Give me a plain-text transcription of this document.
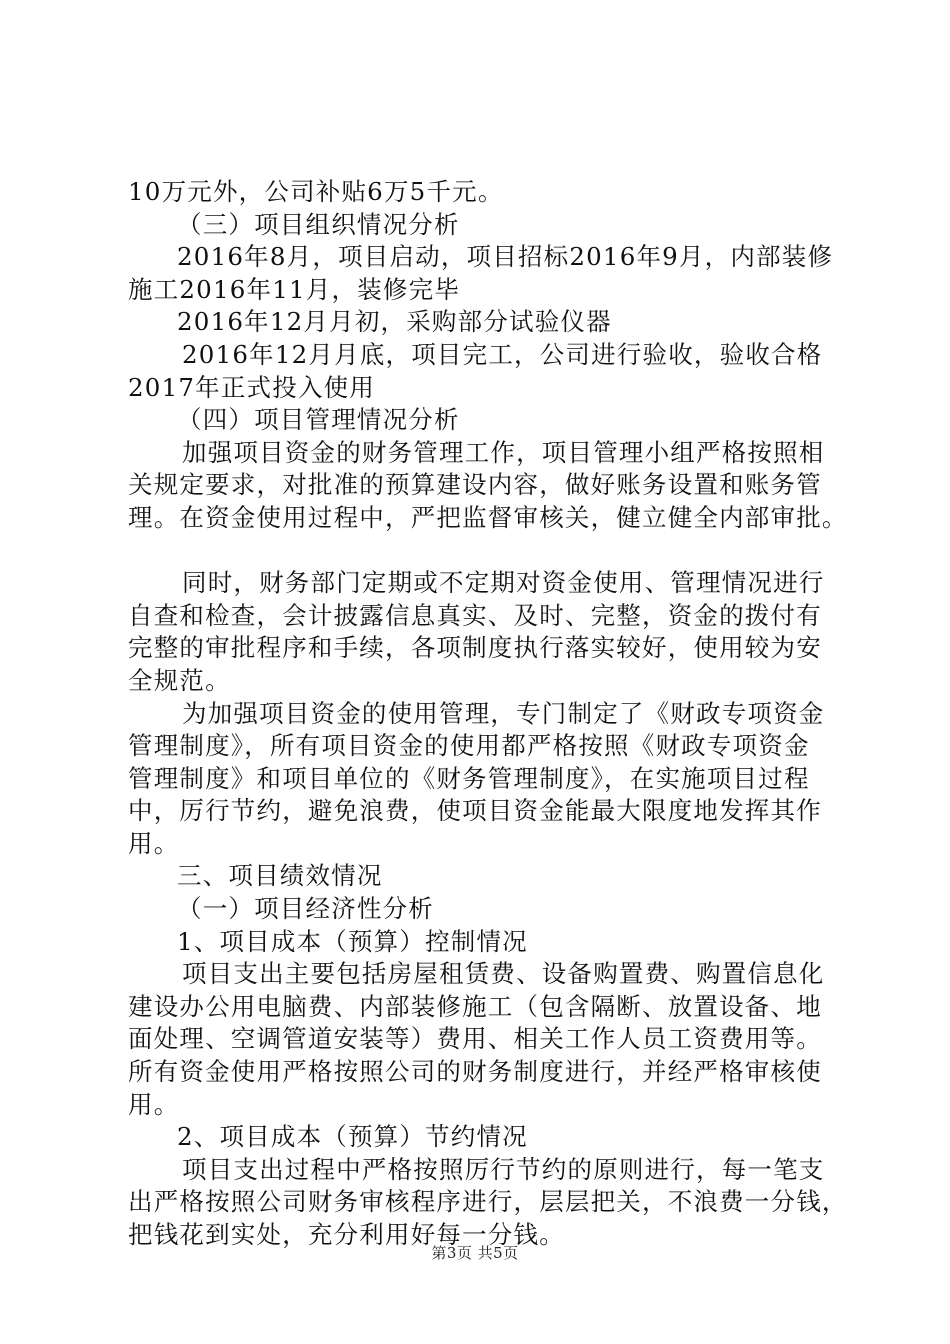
10万元外，公司补贴6万5千元。
（三）项目组织情况分析
2016年8月，项目启动，项目招标2016年9月，内部装修
施工2016年11月，装修完毕
2016年12月月初，采购部分试验仪器
2016年12月月底，项目完工，公司进行验收，验收合格
2017年正式投入使用
（四）项目管理情况分析
加强项目资金的财务管理工作，项目管理小组严格按照相
关规定要求，对批准的预算建设内容，做好账务设置和账务管
理。在资金使用过程中，严把监督审核关，健立健全内部审批。
同时，财务部门定期或不定期对资金使用、管理情况进行
自查和检查，会计披露信息真实、及时、完整，资金的拨付有
完整的审批程序和手续，各项制度执行落实较好，使用较为安
全规范。
为加强项目资金的使用管理，专门制定了《财政专项资金
管理制度》，所有项目资金的使用都严格按照《财政专项资金
管理制度》和项目单位的《财务管理制度》，在实施项目过程
中，厉行节约，避免浪费，使项目资金能最大限度地发挥其作
用。
三、项目绩效情况
（一）项目经济性分析
1、项目成本（预算）控制情况
项目支出主要包括房屋租赁费、设备购置费、购置信息化
建设办公用电脑费、内部装修施工（包含隔断、放置设备、地
面处理、空调管道安装等）费用、相关工作人员工资费用等。
所有资金使用严格按照公司的财务制度进行，并经严格审核使
用。
2、项目成本（预算）节约情况
项目支出过程中严格按照厉行节约的原则进行，每一笔支
出严格按照公司财务审核程序进行，层层把关，不浪费一分钱，
把钱花到实处，充分利用好每一分钱。
第3页 共5页
